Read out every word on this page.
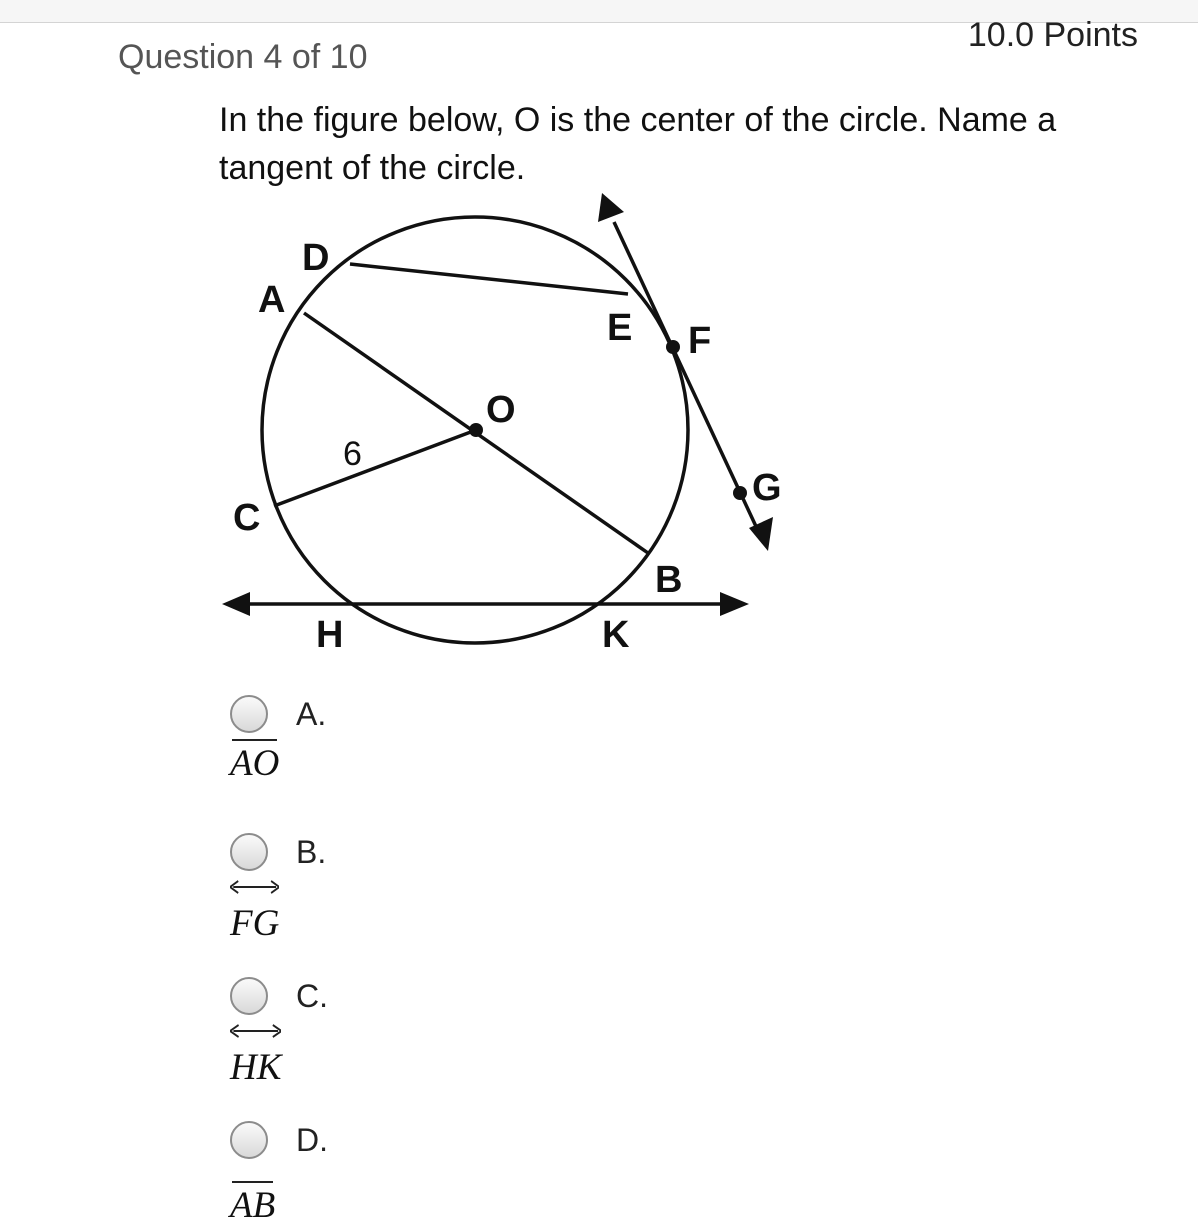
Question 4 of 10
10.0 Points
In the figure below, O is the center of the circle. Name a tangent of the circle.
D
A
E F
O
6
C
G
B
H	K
A.
AO
B.
FG
C.
HK
D.
AB
